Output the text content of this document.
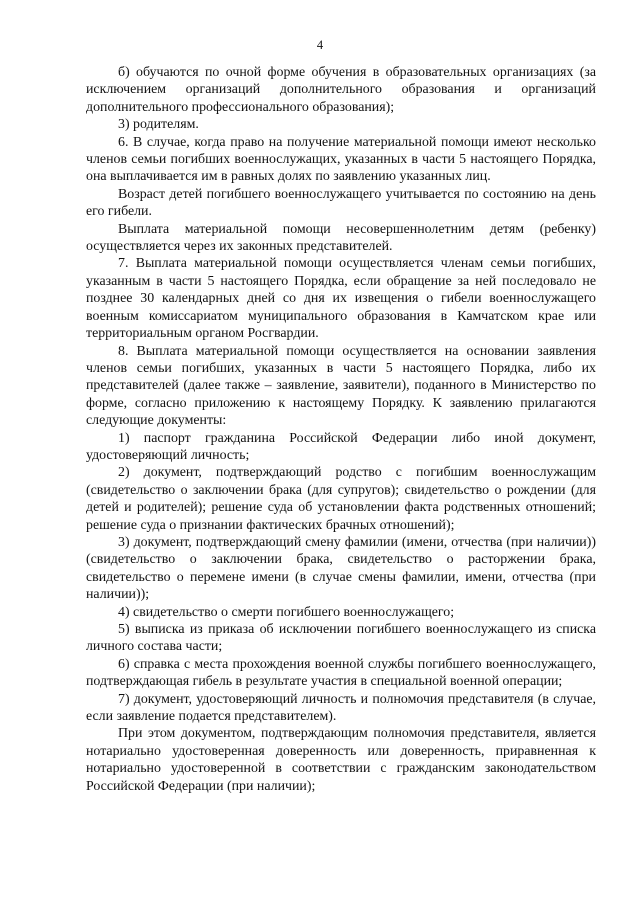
4

б) обучаются по очной форме обучения в образовательных организациях (за исключением организаций дополнительного образования и организаций дополнительного профессионального образования);

3) родителям.

6. В случае, когда право на получение материальной помощи имеют несколько членов семьи погибших военнослужащих, указанных в части 5 настоящего Порядка, она выплачивается им в равных долях по заявлению указанных лиц.

Возраст детей погибшего военнослужащего учитывается по состоянию на день его гибели.

Выплата материальной помощи несовершеннолетним детям (ребенку) осуществляется через их законных представителей.

7. Выплата материальной помощи осуществляется членам семьи погибших, указанным в части 5 настоящего Порядка, если обращение за ней последовало не позднее 30 календарных дней со дня их извещения о гибели военнослужащего военным комиссариатом муниципального образования в Камчатском крае или территориальным органом Росгвардии.

8. Выплата материальной помощи осуществляется на основании заявления членов семьи погибших, указанных в части 5 настоящего Порядка, либо их представителей (далее также – заявление, заявители), поданного в Министерство по форме, согласно приложению к настоящему Порядку. К заявлению прилагаются следующие документы:

1) паспорт гражданина Российской Федерации либо иной документ, удостоверяющий личность;

2) документ, подтверждающий родство с погибшим военнослужащим (свидетельство о заключении брака (для супругов); свидетельство о рождении (для детей и родителей); решение суда об установлении факта родственных отношений; решение суда о признании фактических брачных отношений);

3) документ, подтверждающий смену фамилии (имени, отчества (при наличии)) (свидетельство о заключении брака, свидетельство о расторжении брака, свидетельство о перемене имени (в случае смены фамилии, имени, отчества (при наличии));

4) свидетельство о смерти погибшего военнослужащего;

5) выписка из приказа об исключении погибшего военнослужащего из списка личного состава части;

6) справка с места прохождения военной службы погибшего военнослужащего, подтверждающая гибель в результате участия в специальной военной операции;

7) документ, удостоверяющий личность и полномочия представителя (в случае, если заявление подается представителем).

При этом документом, подтверждающим полномочия представителя, является нотариально удостоверенная доверенность или доверенность, приравненная к нотариально удостоверенной в соответствии с гражданским законодательством Российской Федерации (при наличии);
